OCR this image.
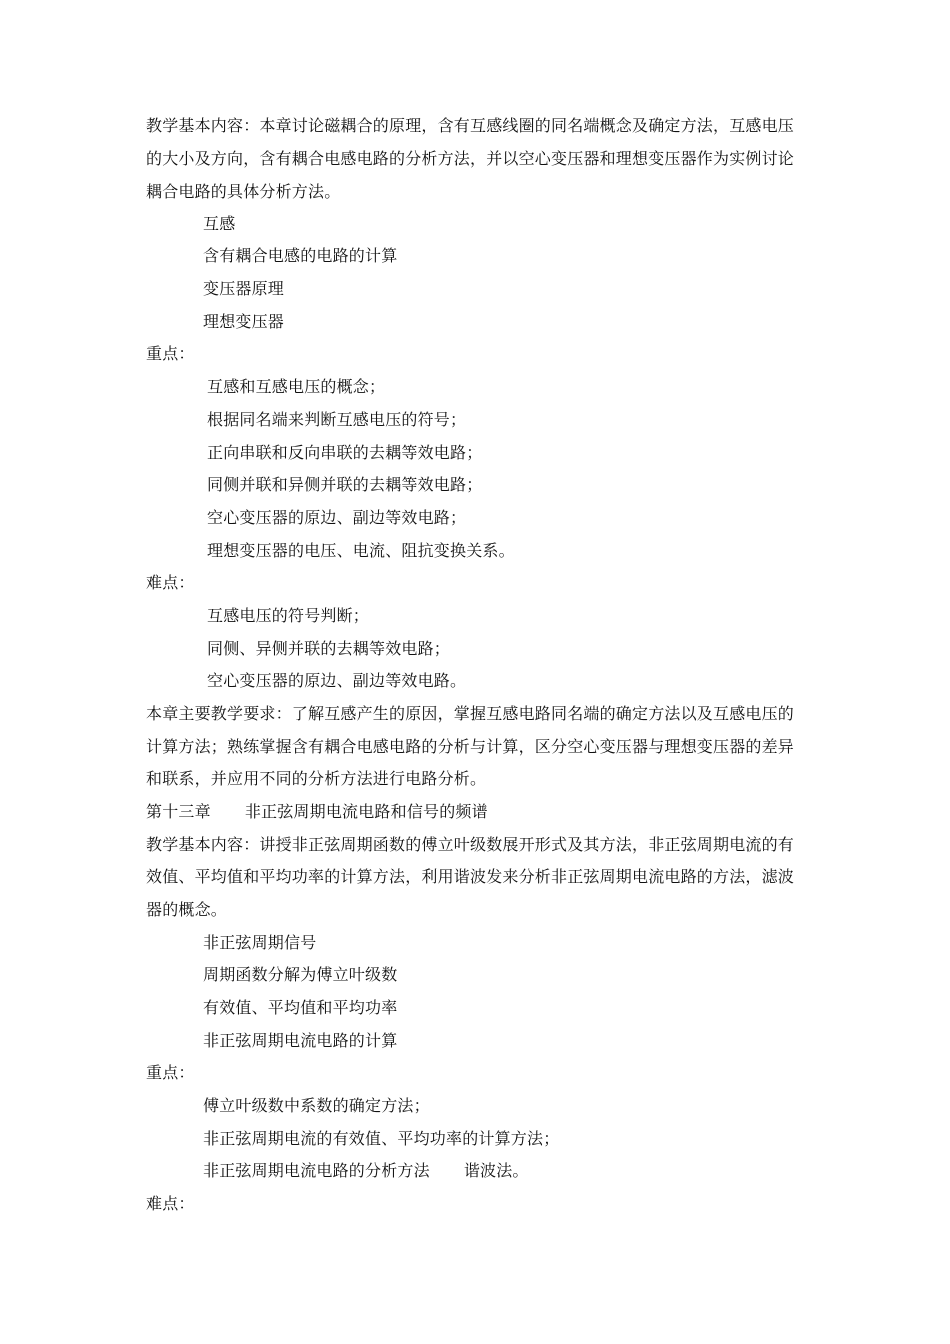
教学基本内容：本章讨论磁耦合的原理，含有互感线圈的同名端概念及确定方法，互感电压
的大小及方向，含有耦合电感电路的分析方法，并以空心变压器和理想变压器作为实例讨论
耦合电路的具体分析方法。
互感
含有耦合电感的电路的计算
变压器原理
理想变压器
重点：
互感和互感电压的概念；
根据同名端来判断互感电压的符号；
正向串联和反向串联的去耦等效电路；
同侧并联和异侧并联的去耦等效电路；
空心变压器的原边、副边等效电路；
理想变压器的电压、电流、阻抗变换关系。
难点：
互感电压的符号判断；
同侧、异侧并联的去耦等效电路；
空心变压器的原边、副边等效电路。
本章主要教学要求：了解互感产生的原因，掌握互感电路同名端的确定方法以及互感电压的
计算方法；熟练掌握含有耦合电感电路的分析与计算，区分空心变压器与理想变压器的差异
和联系，并应用不同的分析方法进行电路分析。
第十三章 非正弦周期电流电路和信号的频谱
教学基本内容：讲授非正弦周期函数的傅立叶级数展开形式及其方法，非正弦周期电流的有
效值、平均值和平均功率的计算方法，利用谐波发来分析非正弦周期电流电路的方法，滤波
器的概念。
非正弦周期信号
周期函数分解为傅立叶级数
有效值、平均值和平均功率
非正弦周期电流电路的计算
重点：
傅立叶级数中系数的确定方法；
非正弦周期电流的有效值、平均功率的计算方法；
非正弦周期电流电路的分析方法 谐波法。
难点：
